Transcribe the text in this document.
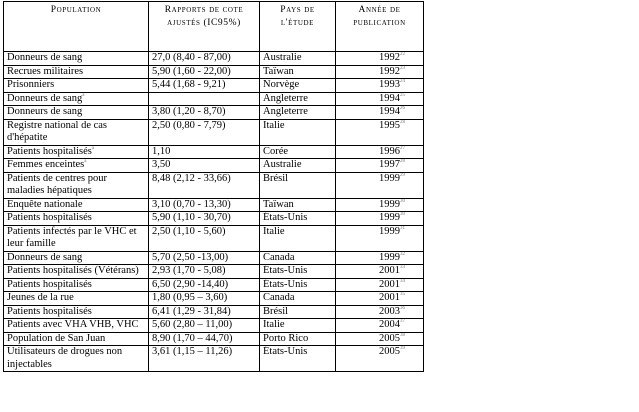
Population	Rapports de cote ajustés (IC95%)	Pays de l'étude	Année de publication
Donneurs de sang	27,0 (8,40 - 87,00)	Australie	1992$^{22}$
Recrues militaires	5,90 (1,60 - 22,00)	Taïwan	1992$^{23}$
Prisonniers	5,44 (1,68 - 9,21)	Norvège	1993$^{24}$
Donneurs de sang$^a$		Angleterre	1994$^{25}$
Donneurs de sang	3,80 (1,20 - 8,70)	Angleterre	1994$^{26}$
Registre national de cas d'hépatite	2,50 (0,80 - 7,79)	Italie	1995$^{28}$
Patients hospitalisés$^a$	1,10	Corée	1996$^{27}$
Femmes enceintes$^a$	3,50	Australie	1997$^{28}$
Patients de centres pour maladies hépatiques	8,48 (2,12 - 33,66)	Brésil	1999$^{29}$
Enquête nationale	3,10 (0,70 - 13,30)	Taïwan	1999$^{30}$
Patients hospitalisés	5,90 (1,10 - 30,70)	États-Unis	1999$^{30}$
Patients infectés par le VHC et leur famille	2,50 (1,10 - 5,60)	Italie	1999$^{31}$
Donneurs de sang	5,70 (2,50 -13,00)	Canada	1999$^{32}$
Patients hospitalisés (Vétérans)	2,93 (1,70 - 5,08)	États-Unis	2001$^{33}$
Patients hospitalisés	6,50 (2,90 -14,40)	États-Unis	2001$^{34}$
Jeunes de la rue	1,80 (0,95 – 3,60)	Canada	2001$^{35}$
Patients hospitalisés	6,41 (1,29 - 31,84)	Brésil	2003$^{36}$
Patients avec VHA VHB, VHC	5,60 (2,80 – 11,00)	Italie	2004$^{37}$
Population de San Juan	8,90 (1,70 – 44,70)	Porto Rico	2005$^{38}$
Utilisateurs de drogues non injectables	3,61 (1,15 – 11,26)	États-Unis	2005$^{39}$
